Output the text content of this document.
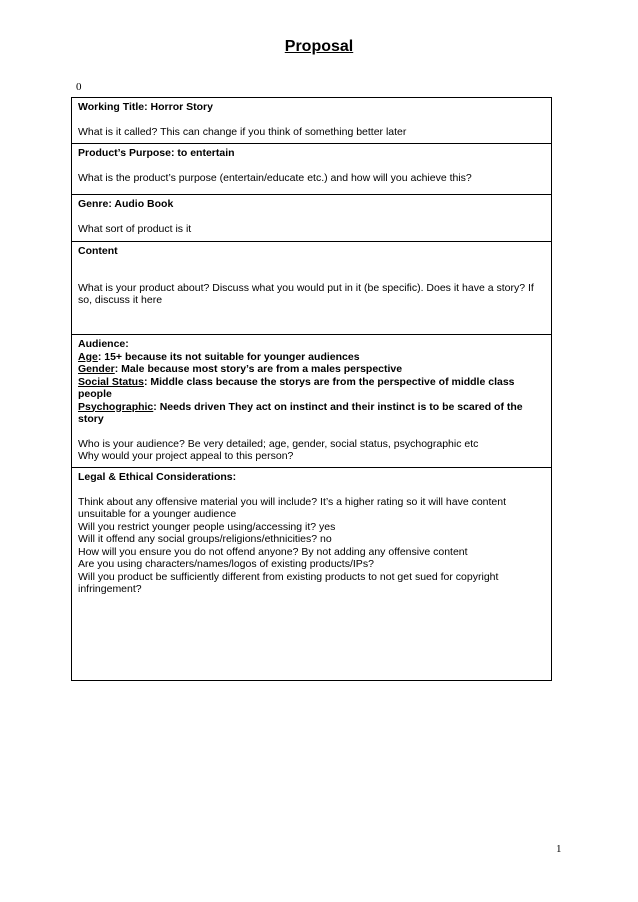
Proposal
0
Working Title: Horror Story
What is it called? This can change if you think of something better later
Product’s Purpose: to entertain
What is the product’s purpose (entertain/educate etc.) and how will you achieve this?
Genre: Audio Book
What sort of product is it
Content
What is your product about? Discuss what you would put in it (be specific). Does it have a story? If
so, discuss it here
Audience:
Age: 15+ because its not suitable for younger audiences
Gender: Male because most story’s are from a males perspective
Social Status: Middle class because the storys are from the perspective of middle class
people
Psychographic: Needs driven They act on instinct and their instinct is to be scared of the
story
Who is your audience? Be very detailed; age, gender, social status, psychographic etc
Why would your project appeal to this person?
Legal & Ethical Considerations:
Think about any offensive material you will include? It’s a higher rating so it will have content
unsuitable for a younger audience
Will you restrict younger people using/accessing it? yes
Will it offend any social groups/religions/ethnicities? no
How will you ensure you do not offend anyone? By not adding any offensive content
Are you using characters/names/logos of existing products/IPs?
Will you product be sufficiently different from existing products to not get sued for copyright
infringement?
1
